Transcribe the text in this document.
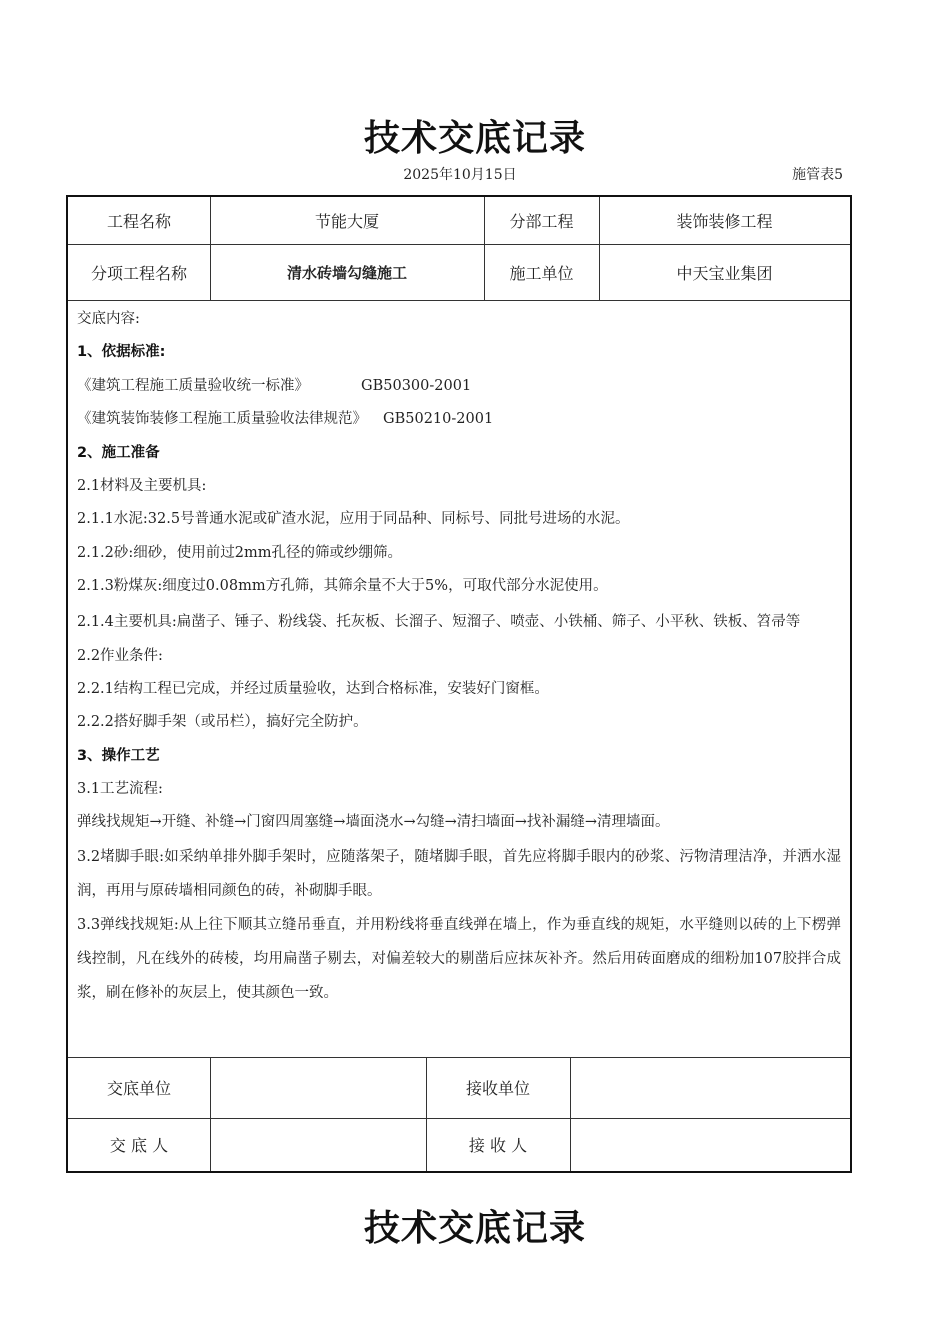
技术交底记录
2025年10月15日	施管表5
工程名称	节能大厦	分部工程	装饰装修工程
分项工程名称	清水砖墙勾缝施工	施工单位	中天宝业集团
交底内容:
1、依据标准:
《建筑工程施工质量验收统一标准》	GB50300-2001
《建筑装饰装修工程施工质量验收法律规范》 GB50210-2001
2、施工准备
2.1材料及主要机具:
2.1.1水泥:32.5号普通水泥或矿渣水泥，应用于同品种、同标号、同批号进场的水泥。
2.1.2砂:细砂，使用前过2mm孔径的筛或纱绷筛。
2.1.3粉煤灰:细度过0.08mm方孔筛，其筛余量不大于5%，可取代部分水泥使用。

2.1.4主要机具:扁凿子、锤子、粉线袋、托灰板、长溜子、短溜子、喷壶、小铁桶、筛子、小平秋、铁板、笤帚等

2.2作业条件:
2.2.1结构工程已完成，并经过质量验收，达到合格标准，安装好门窗框。
2.2.2搭好脚手架（或吊栏），搞好完全防护。
3、操作工艺
3.1工艺流程:
弹线找规矩→开缝、补缝→门窗四周塞缝→墙面浇水→勾缝→清扫墙面→找补漏缝→清理墙面。

3.2堵脚手眼:如采纳单排外脚手架时，应随落架子，随堵脚手眼，首先应将脚手眼内的砂浆、污物清理洁净，并洒水湿润，再用与原砖墙相同颜色的砖，补砌脚手眼。

3.3弹线找规矩:从上往下顺其立缝吊垂直，并用粉线将垂直线弹在墙上，作为垂直线的规矩，水平缝则以砖的上下楞弹线控制，凡在线外的砖棱，均用扁凿子剔去，对偏差较大的剔凿后应抹灰补齐。然后用砖面磨成的细粉加107胶拌合成浆，刷在修补的灰层上，使其颜色一致。

交底单位	接收单位
交 底 人	接 收 人
技术交底记录
